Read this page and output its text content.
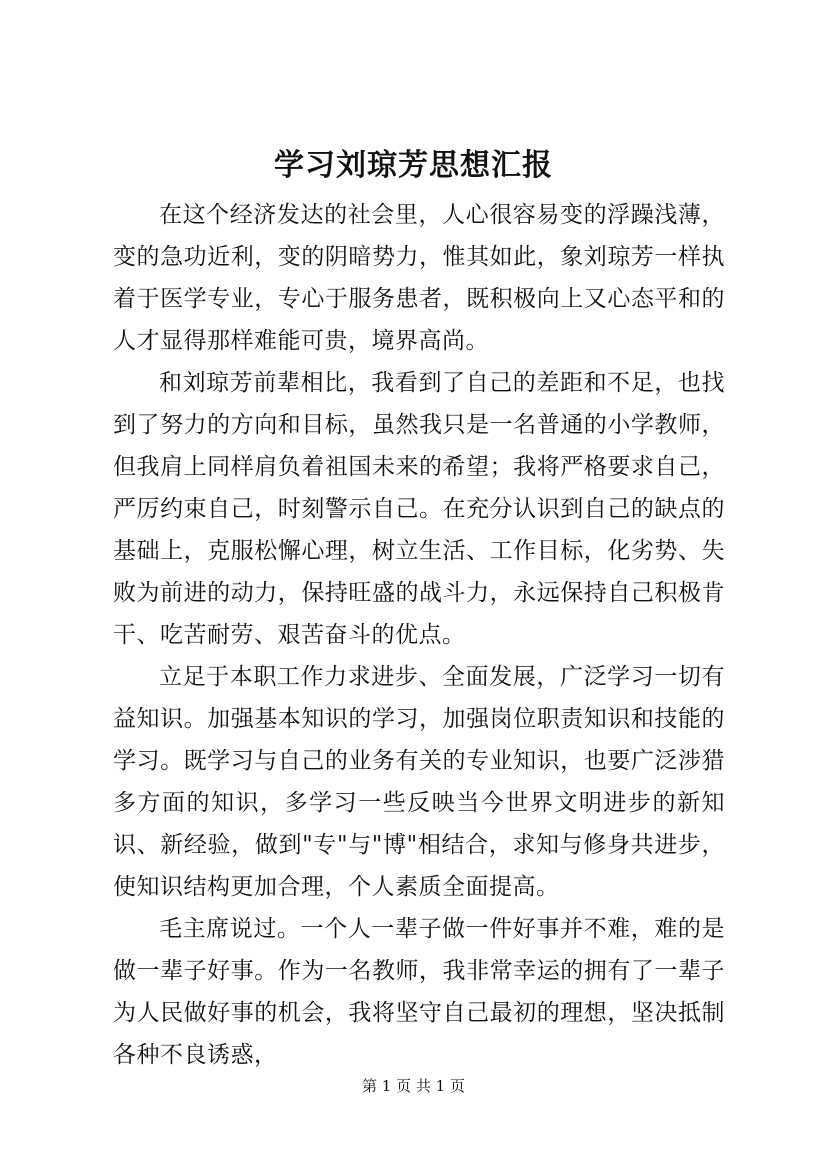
学习刘琼芳思想汇报

在这个经济发达的社会里，人心很容易变的浮躁浅薄，变的急功近利，变的阴暗势力，惟其如此，象刘琼芳一样执着于医学专业，专心于服务患者，既积极向上又心态平和的人才显得那样难能可贵，境界高尚。

和刘琼芳前辈相比，我看到了自己的差距和不足，也找到了努力的方向和目标，虽然我只是一名普通的小学教师，但我肩上同样肩负着祖国未来的希望；我将严格要求自己，严厉约束自己，时刻警示自己。在充分认识到自己的缺点的基础上，克服松懈心理，树立生活、工作目标，化劣势、失败为前进的动力，保持旺盛的战斗力，永远保持自己积极肯干、吃苦耐劳、艰苦奋斗的优点。

立足于本职工作力求进步、全面发展，广泛学习一切有益知识。加强基本知识的学习，加强岗位职责知识和技能的学习。既学习与自己的业务有关的专业知识，也要广泛涉猎多方面的知识，多学习一些反映当今世界文明进步的新知识、新经验，做到"专"与"博"相结合，求知与修身共进步，使知识结构更加合理，个人素质全面提高。

毛主席说过。一个人一辈子做一件好事并不难，难的是做一辈子好事。作为一名教师，我非常幸运的拥有了一辈子为人民做好事的机会，我将坚守自己最初的理想，坚决抵制各种不良诱惑，

第 1 页 共 1 页
